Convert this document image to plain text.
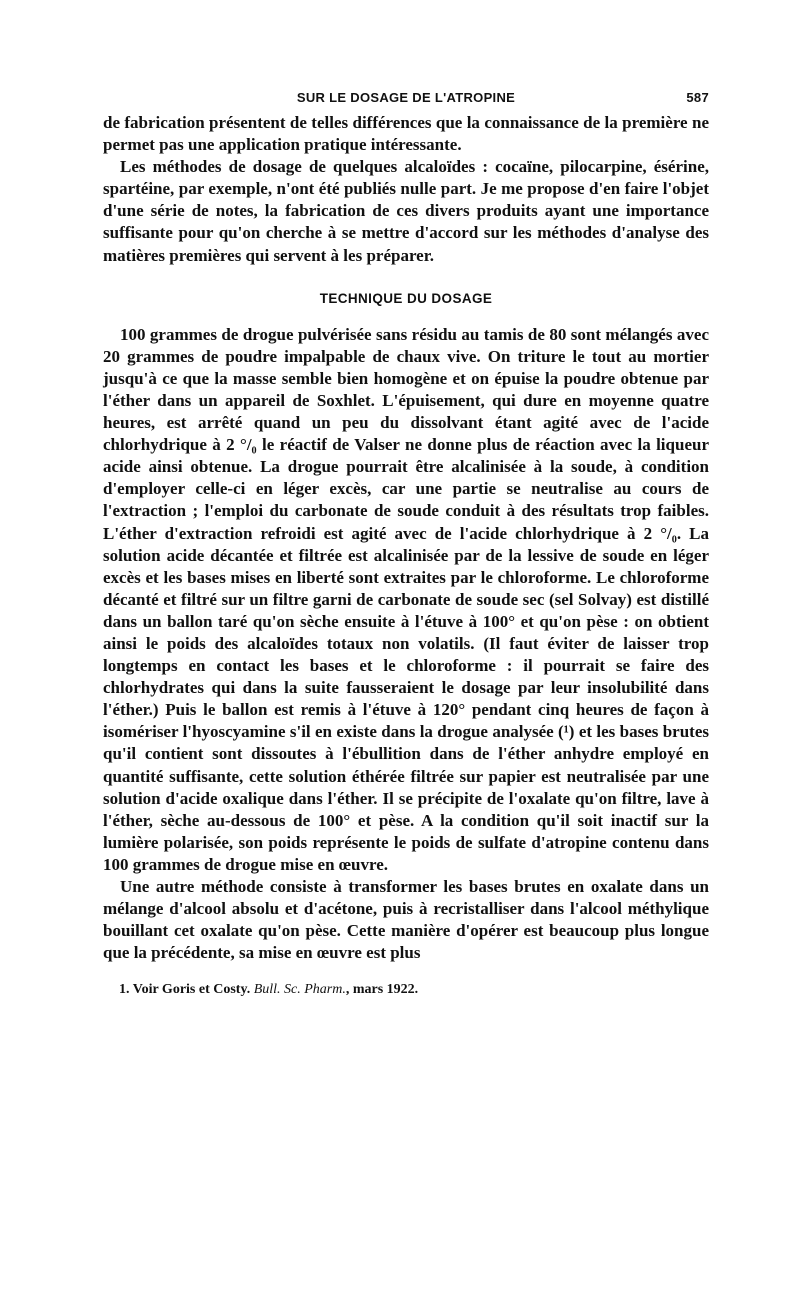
SUR LE DOSAGE DE L'ATROPINE	587

de fabrication présentent de telles différences que la connaissance de la première ne permet pas une application pratique intéressante.

Les méthodes de dosage de quelques alcaloïdes : cocaïne, pilocarpine, ésérine, spartéine, par exemple, n'ont été publiés nulle part. Je me propose d'en faire l'objet d'une série de notes, la fabrication de ces divers produits ayant une importance suffisante pour qu'on cherche à se mettre d'accord sur les méthodes d'analyse des matières premières qui servent à les préparer.

TECHNIQUE DU DOSAGE

100 grammes de drogue pulvérisée sans résidu au tamis de 80 sont mélangés avec 20 grammes de poudre impalpable de chaux vive. On triture le tout au mortier jusqu'à ce que la masse semble bien homogène et on épuise la poudre obtenue par l'éther dans un appareil de Soxhlet. L'épuisement, qui dure en moyenne quatre heures, est arrêté quand un peu du dissolvant étant agité avec de l'acide chlorhydrique à 2 °/₀ le réactif de Valser ne donne plus de réaction avec la liqueur acide ainsi obtenue. La drogue pourrait être alcalinisée à la soude, à condition d'employer celle-ci en léger excès, car une partie se neutralise au cours de l'extraction ; l'emploi du carbonate de soude conduit à des résultats trop faibles. L'éther d'extraction refroidi est agité avec de l'acide chlorhydrique à 2 °/₀. La solution acide décantée et filtrée est alcalinisée par de la lessive de soude en léger excès et les bases mises en liberté sont extraites par le chloroforme. Le chloroforme décanté et filtré sur un filtre garni de carbonate de soude sec (sel Solvay) est distillé dans un ballon taré qu'on sèche ensuite à l'étuve à 100° et qu'on pèse : on obtient ainsi le poids des alcaloïdes totaux non volatils. (Il faut éviter de laisser trop longtemps en contact les bases et le chloroforme : il pourrait se faire des chlorhydrates qui dans la suite fausseraient le dosage par leur insolubilité dans l'éther.) Puis le ballon est remis à l'étuve à 120° pendant cinq heures de façon à isomériser l'hyoscyamine s'il en existe dans la drogue analysée (¹) et les bases brutes qu'il contient sont dissoutes à l'ébullition dans de l'éther anhydre employé en quantité suffisante, cette solution éthérée filtrée sur papier est neutralisée par une solution d'acide oxalique dans l'éther. Il se précipite de l'oxalate qu'on filtre, lave à l'éther, sèche au-dessous de 100° et pèse. A la condition qu'il soit inactif sur la lumière polarisée, son poids représente le poids de sulfate d'atropine contenu dans 100 grammes de drogue mise en œuvre.

Une autre méthode consiste à transformer les bases brutes en oxalate dans un mélange d'alcool absolu et d'acétone, puis à recristalliser dans l'alcool méthylique bouillant cet oxalate qu'on pèse. Cette manière d'opérer est beaucoup plus longue que la précédente, sa mise en œuvre est plus

1. Voir Goris et Costy. Bull. Sc. Pharm., mars 1922.
